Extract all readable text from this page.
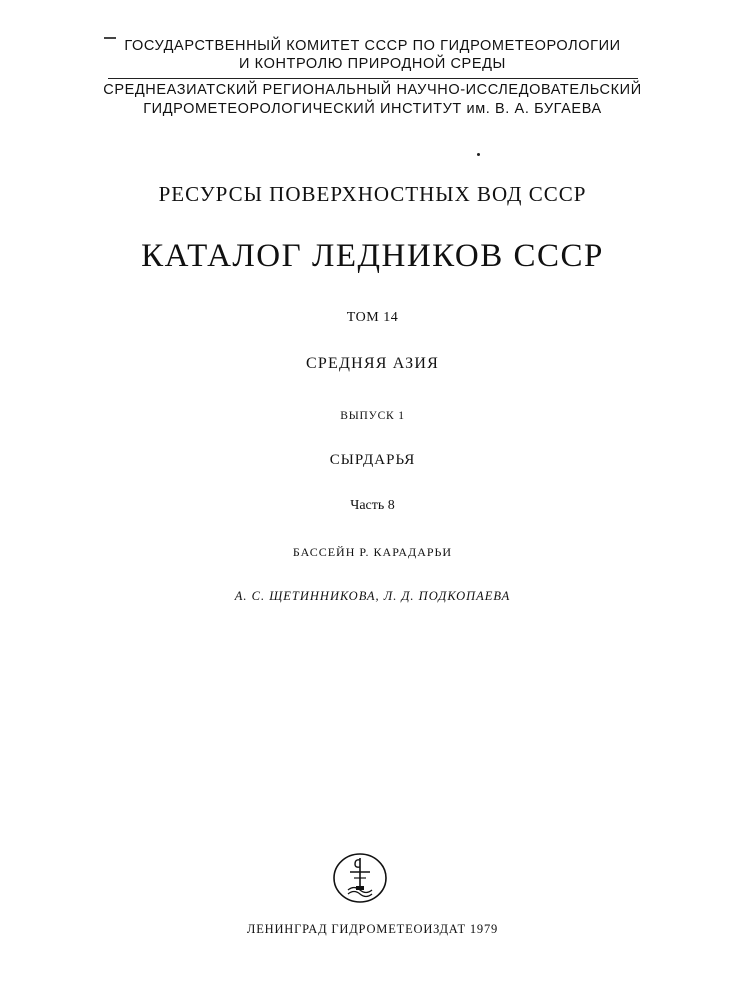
ГОСУДАРСТВЕННЫЙ КОМИТЕТ СССР ПО ГИДРОМЕТЕОРОЛОГИИ
И КОНТРОЛЮ ПРИРОДНОЙ СРЕДЫ
СРЕДНЕАЗИАТСКИЙ РЕГИОНАЛЬНЫЙ НАУЧНО-ИССЛЕДОВАТЕЛЬСКИЙ
ГИДРОМЕТЕОРОЛОГИЧЕСКИЙ ИНСТИТУТ им. В. А. БУГАЕВА
РЕСУРСЫ ПОВЕРХНОСТНЫХ ВОД СССР
КАТАЛОГ ЛЕДНИКОВ СССР
ТОМ 14
СРЕДНЯЯ АЗИЯ
ВЫПУСК 1
СЫРДАРЬЯ
Часть 8
БАССЕЙН Р. КАРАДАРЬИ
А. С. ЩЕТИННИКОВА, Л. Д. ПОДКОПАЕВА
ЛЕНИНГРАД ГИДРОМЕТЕОИЗДАТ 1979
